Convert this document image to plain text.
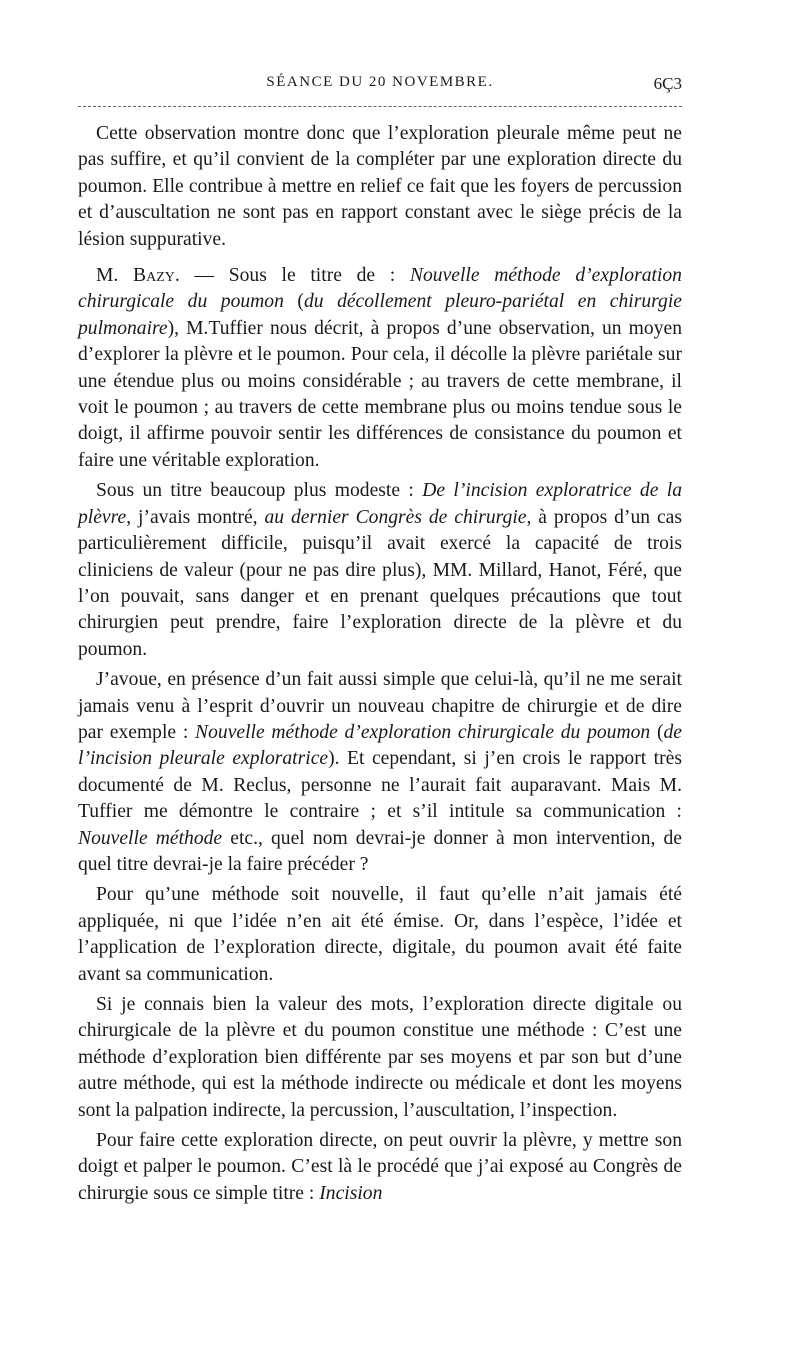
SÉANCE DU 20 NOVEMBRE.	6Ç3

Cette observation montre donc que l’exploration pleurale même peut ne pas suffire, et qu’il convient de la compléter par une exploration directe du poumon. Elle contribue à mettre en relief ce fait que les foyers de percussion et d’auscultation ne sont pas en rapport constant avec le siège précis de la lésion suppurative.

M. Bazy. — Sous le titre de : Nouvelle méthode d’exploration chirurgicale du poumon (du décollement pleuro-pariétal en chirurgie pulmonaire), M.Tuffier nous décrit, à propos d’une observation, un moyen d’explorer la plèvre et le poumon. Pour cela, il décolle la plèvre pariétale sur une étendue plus ou moins considérable ; au travers de cette membrane, il voit le poumon ; au travers de cette membrane plus ou moins tendue sous le doigt, il affirme pouvoir sentir les différences de consistance du poumon et faire une véritable exploration.

Sous un titre beaucoup plus modeste : De l’incision exploratrice de la plèvre, j’avais montré, au dernier Congrès de chirurgie, à propos d’un cas particulièrement difficile, puisqu’il avait exercé la capacité de trois cliniciens de valeur (pour ne pas dire plus), MM. Millard, Hanot, Féré, que l’on pouvait, sans danger et en prenant quelques précautions que tout chirurgien peut prendre, faire l’exploration directe de la plèvre et du poumon.

J’avoue, en présence d’un fait aussi simple que celui-là, qu’il ne me serait jamais venu à l’esprit d’ouvrir un nouveau chapitre de chirurgie et de dire par exemple : Nouvelle méthode d’exploration chirurgicale du poumon (de l’incision pleurale exploratrice). Et cependant, si j’en crois le rapport très documenté de M. Reclus, personne ne l’aurait fait auparavant. Mais M. Tuffier me démontre le contraire ; et s’il intitule sa communication : Nouvelle méthode etc., quel nom devrai-je donner à mon intervention, de quel titre devrai-je la faire précéder ?

Pour qu’une méthode soit nouvelle, il faut qu’elle n’ait jamais été appliquée, ni que l’idée n’en ait été émise. Or, dans l’espèce, l’idée et l’application de l’exploration directe, digitale, du poumon avait été faite avant sa communication.

Si je connais bien la valeur des mots, l’exploration directe digitale ou chirurgicale de la plèvre et du poumon constitue une méthode : C’est une méthode d’exploration bien différente par ses moyens et par son but d’une autre méthode, qui est la méthode indirecte ou médicale et dont les moyens sont la palpation indirecte, la percussion, l’auscultation, l’inspection.

Pour faire cette exploration directe, on peut ouvrir la plèvre, y mettre son doigt et palper le poumon. C’est là le procédé que j’ai exposé au Congrès de chirurgie sous ce simple titre : Incision
